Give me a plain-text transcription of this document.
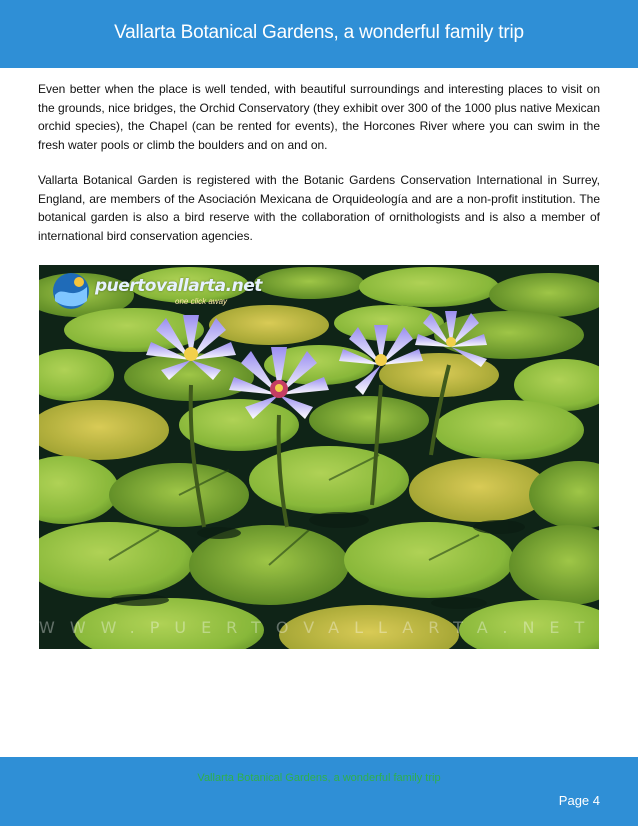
Vallarta Botanical Gardens, a wonderful family trip

Even better when the place is well tended, with beautiful surroundings and interesting places to visit on the grounds, nice bridges, the Orchid Conservatory (they exhibit over 300 of the 1000 plus native Mexican orchid species), the Chapel (can be rented for events), the Horcones River where you can swim in the fresh water pools or climb the boulders and on and on.

Vallarta Botanical Garden is registered with the Botanic Gardens Conservation International in Surrey, England, are members of the Asociación Mexicana de Orquideología and are a non-profit institution. The botanical garden is also a bird reserve with the collaboration of ornithologists and is also a member of international bird conservation agencies.

puertovallarta.net
one click away
WWW.PUERTOVALLARTA.NET
Vallarta Botanical Gardens, a wonderful family trip
Page 4
